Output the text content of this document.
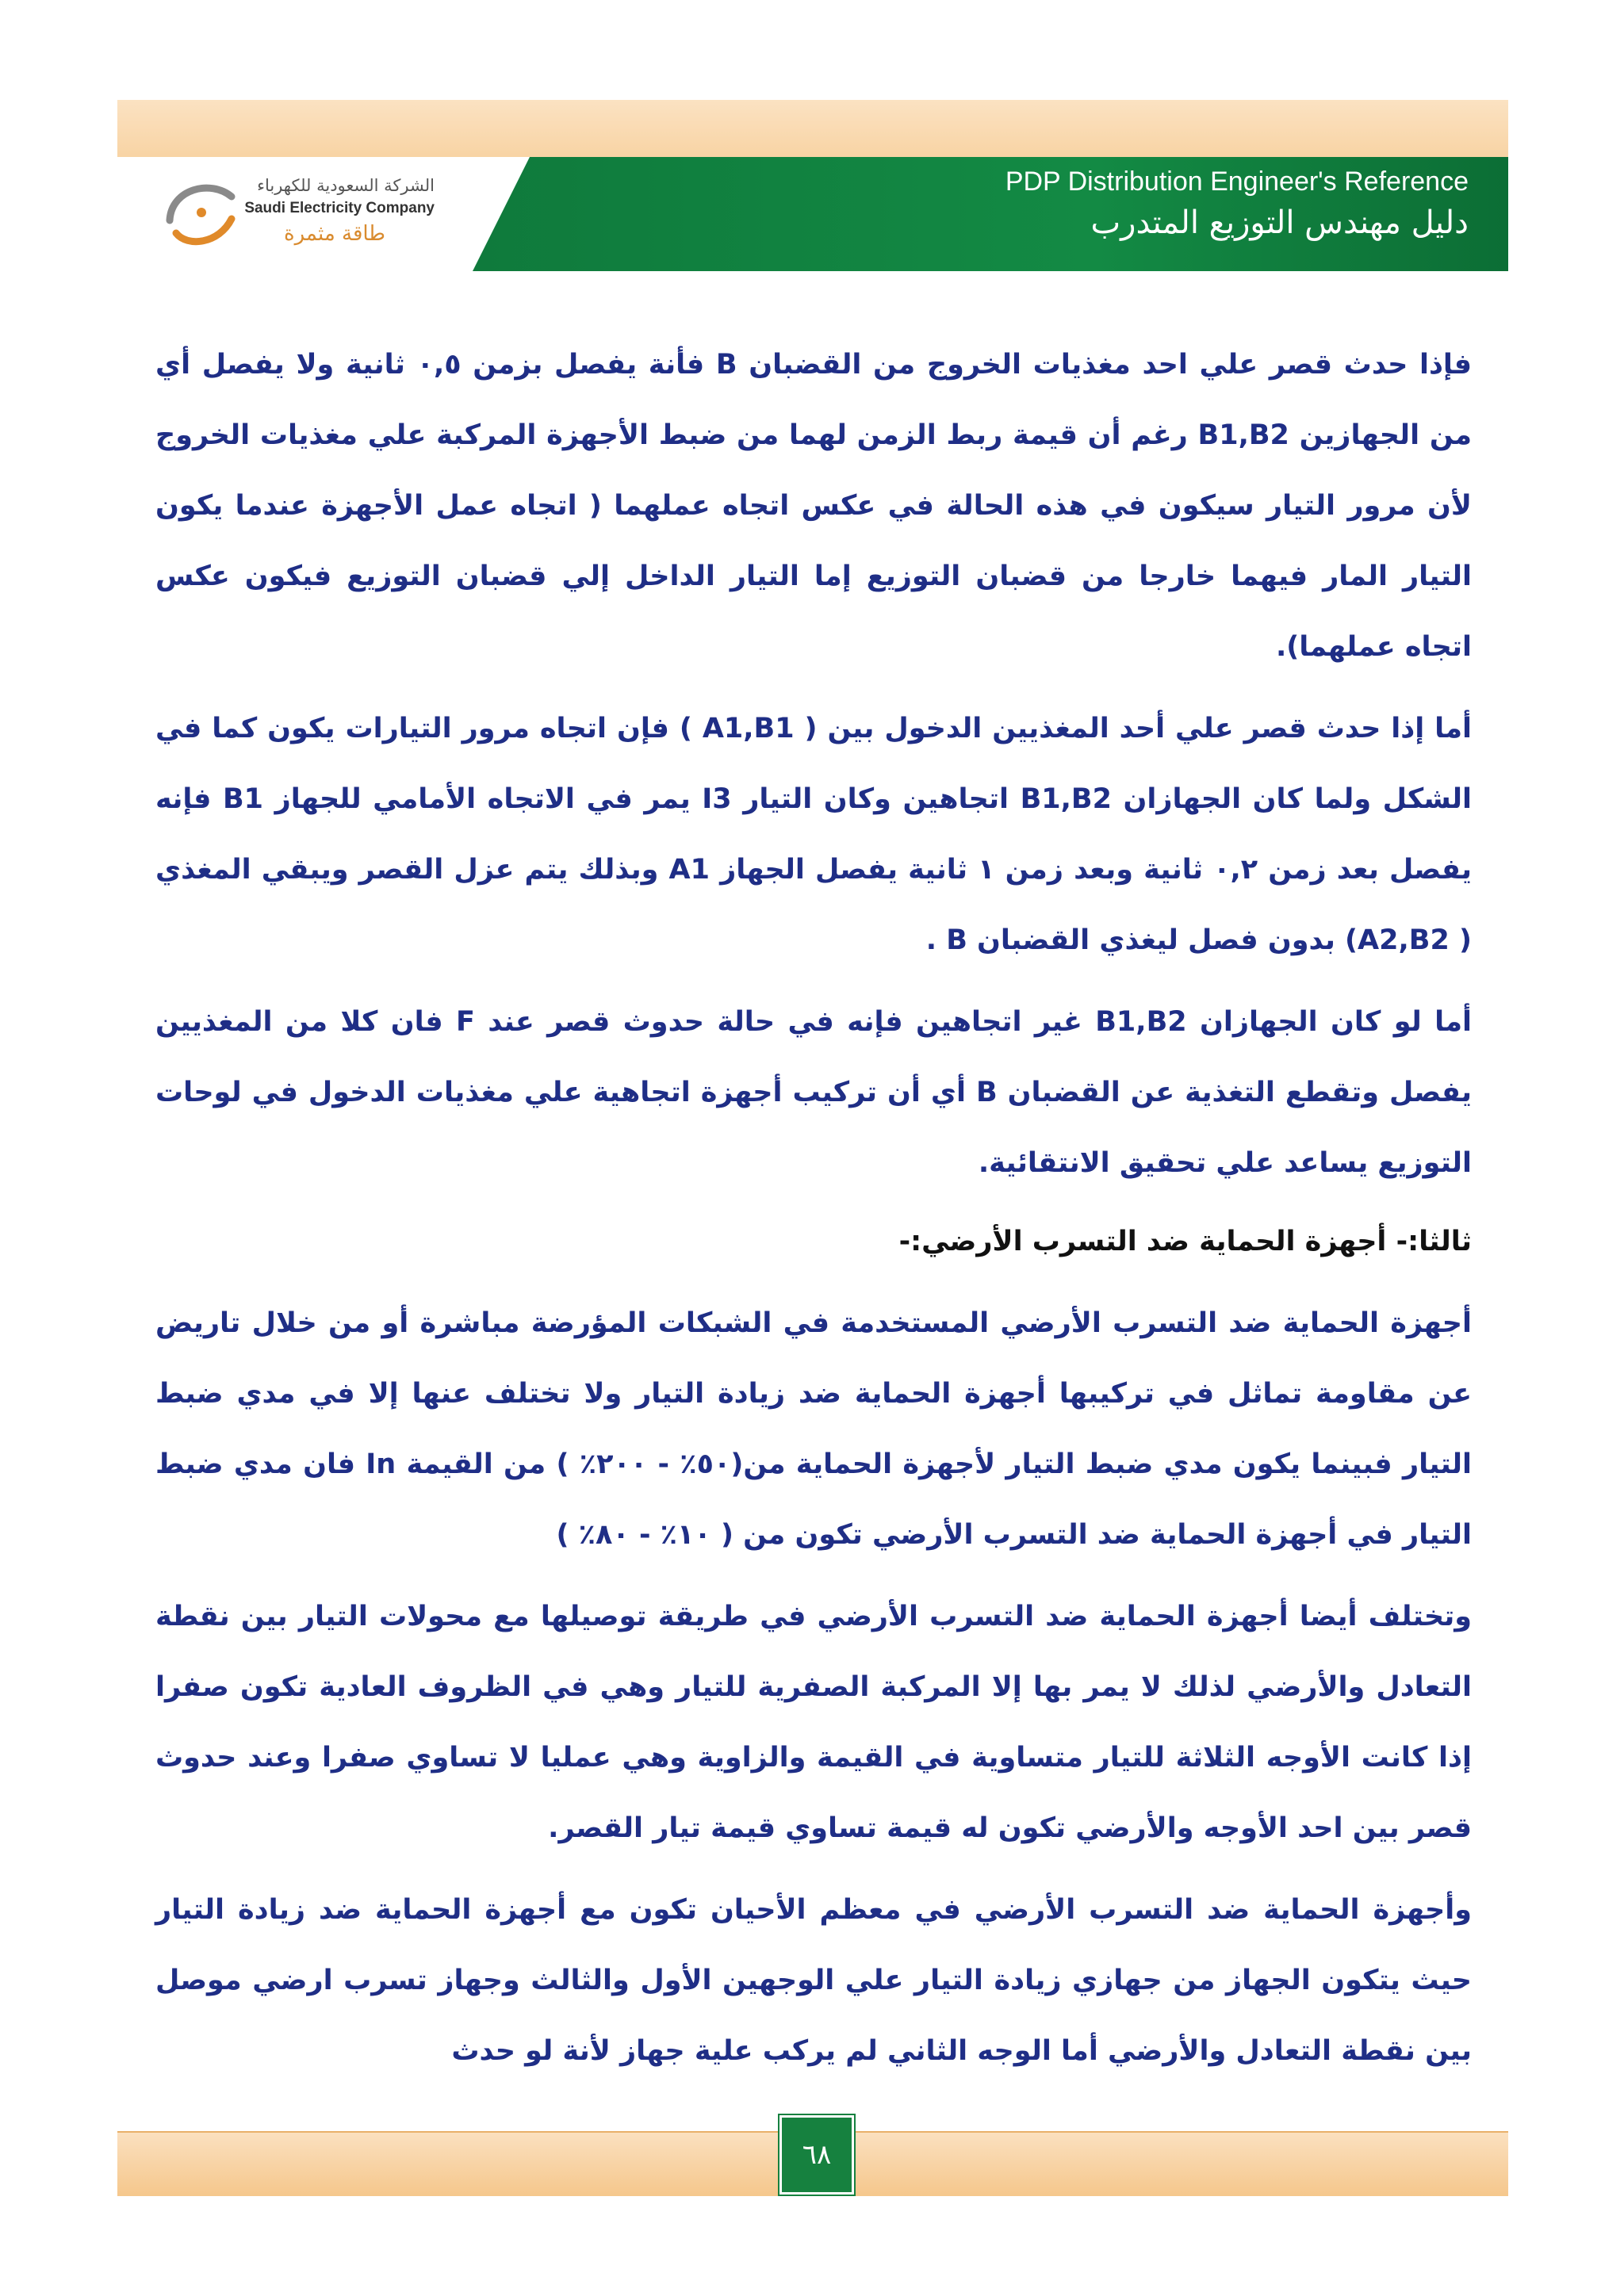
PDP Distribution Engineer's Reference
دليل مهندس التوزيع المتدرب
الشركة السعودية للكهرباء
Saudi Electricity Company
طاقة مثمرة

فإذا حدث قصر علي احد مغذيات الخروج من القضبان B فأنة يفصل بزمن ٠,٥ ثانية ولا يفصل أي من الجهازين B1,B2 رغم أن قيمة ربط الزمن لهما من ضبط الأجهزة المركبة علي مغذيات الخروج لأن مرور التيار سيكون في هذه الحالة في عكس اتجاه عملهما ( اتجاه عمل الأجهزة عندما يكون التيار المار فيهما خارجا من قضبان التوزيع إما التيار الداخل إلي قضبان التوزيع فيكون عكس اتجاه عملهما).

أما إذا حدث قصر علي أحد المغذيين الدخول بين ( A1,B1 ) فإن اتجاه مرور التيارات يكون كما في الشكل ولما كان الجهازان B1,B2 اتجاهين وكان التيار I3 يمر في الاتجاه الأمامي للجهاز B1 فإنه يفصل بعد زمن ٠,٢ ثانية وبعد زمن ١ ثانية يفصل الجهاز A1 وبذلك يتم عزل القصر ويبقي المغذي ( A2,B2) بدون فصل ليغذي القضبان B .

أما لو كان الجهازان B1,B2 غير اتجاهين فإنه في حالة حدوث قصر عند F فان كلا من المغذيين يفصل وتقطع التغذية عن القضبان B أي أن تركيب أجهزة اتجاهية علي مغذيات الدخول في لوحات التوزيع يساعد علي تحقيق الانتقائية.

ثالثا:- أجهزة الحماية ضد التسرب الأرضي:-

أجهزة الحماية ضد التسرب الأرضي المستخدمة في الشبكات المؤرضة مباشرة أو من خلال تاريض عن مقاومة تماثل في تركيبها أجهزة الحماية ضد زيادة التيار ولا تختلف عنها إلا في مدي ضبط التيار فبينما يكون مدي ضبط التيار لأجهزة الحماية من(٥٠٪ - ٢٠٠٪ ) من القيمة In فان مدي ضبط التيار في أجهزة الحماية ضد التسرب الأرضي تكون من ( ١٠٪ - ٨٠٪ )

وتختلف أيضا أجهزة الحماية ضد التسرب الأرضي في طريقة توصيلها مع محولات التيار بين نقطة التعادل والأرضي لذلك لا يمر بها إلا المركبة الصفرية للتيار وهي في الظروف العادية تكون صفرا إذا كانت الأوجه الثلاثة للتيار متساوية في القيمة والزاوية وهي عمليا لا تساوي صفرا وعند حدوث قصر بين احد الأوجه والأرضي تكون له قيمة تساوي قيمة تيار القصر.

وأجهزة الحماية ضد التسرب الأرضي في معظم الأحيان تكون مع أجهزة الحماية ضد زيادة التيار حيث يتكون الجهاز من جهازي زيادة التيار علي الوجهين الأول والثالث وجهاز تسرب ارضي موصل بين نقطة التعادل والأرضي أما الوجه الثاني لم يركب علية جهاز لأنة لو حدث

٦٨
